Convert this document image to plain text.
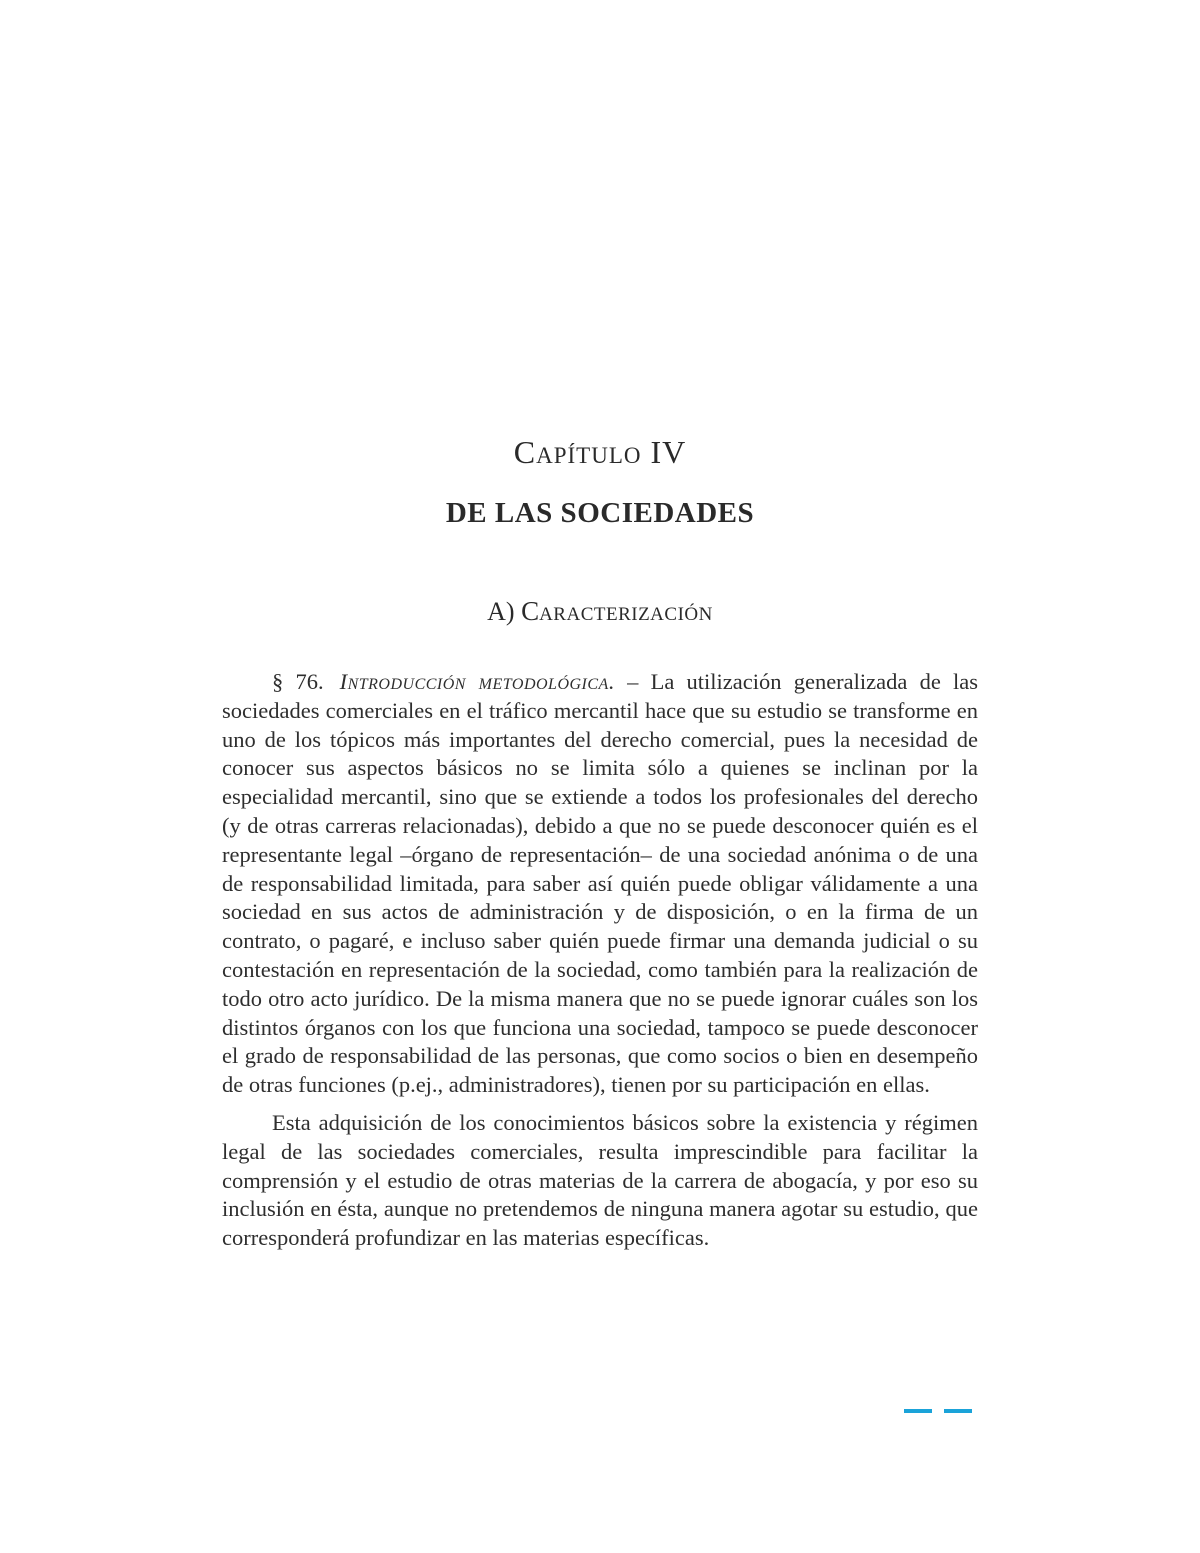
CAPÍTULO IV
DE LAS SOCIEDADES
A) CARACTERIZACIÓN

§ 76. Introducción metodológica. – La utilización generalizada de las sociedades comerciales en el tráfico mercantil hace que su estudio se transforme en uno de los tópicos más importantes del derecho comercial, pues la necesidad de conocer sus aspectos básicos no se limita sólo a quienes se inclinan por la especialidad mercantil, sino que se extiende a todos los profesionales del derecho (y de otras carreras relacionadas), debido a que no se puede desconocer quién es el representante legal –órgano de representación– de una sociedad anónima o de una de responsabilidad limitada, para saber así quién puede obligar válidamente a una sociedad en sus actos de administración y de disposición, o en la firma de un contrato, o pagaré, e incluso saber quién puede firmar una demanda judicial o su contestación en representación de la sociedad, como también para la realización de todo otro acto jurídico. De la misma manera que no se puede ignorar cuáles son los distintos órganos con los que funciona una sociedad, tampoco se puede desconocer el grado de responsabilidad de las personas, que como socios o bien en desempeño de otras funciones (p.ej., administradores), tienen por su participación en ellas.

Esta adquisición de los conocimientos básicos sobre la existencia y régimen legal de las sociedades comerciales, resulta imprescindible para facilitar la comprensión y el estudio de otras materias de la carrera de abogacía, y por eso su inclusión en ésta, aunque no pretendemos de ninguna manera agotar su estudio, que corresponderá profundizar en las materias específicas.
